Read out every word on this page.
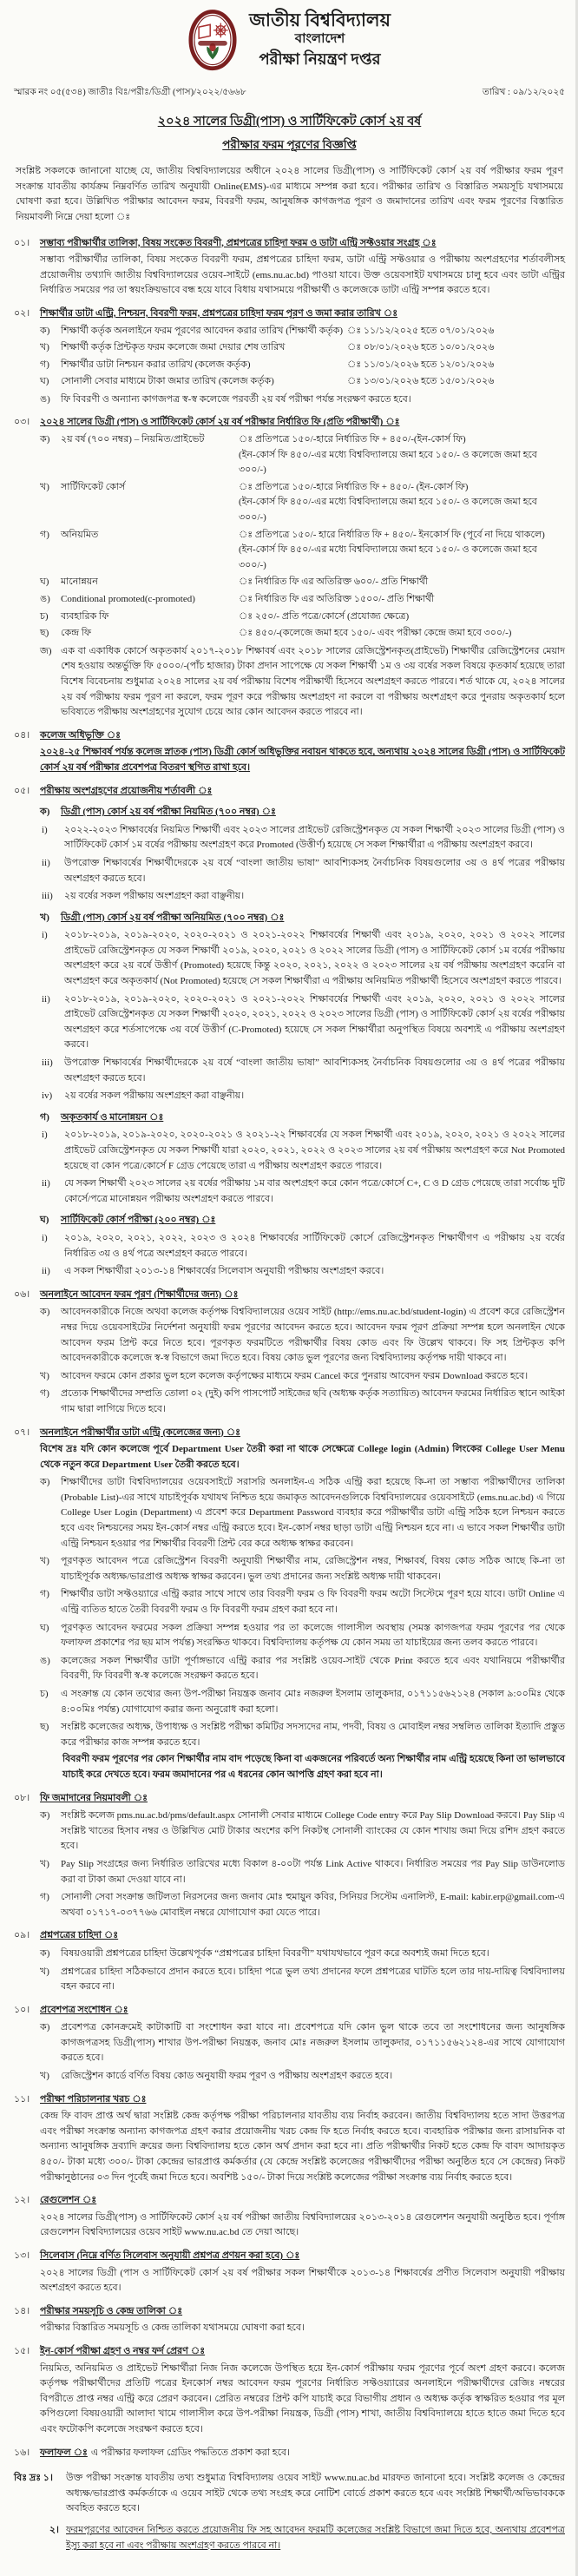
জাতীয় বিশ্ববিদ্যালয়
বাংলাদেশ
পরীক্ষা নিয়ন্ত্রণ দপ্তর
স্মারক নং ০৫(৫৩৪) জাতীঃ বিঃ/পরীঃ/ডিগ্রী (পাস)/২০২২/৫৬৬৮	তারিখ : ০৯/১২/২০২৫
২০২৪ সালের ডিগ্রী(পাস) ও সার্টিফিকেট কোর্স ২য় বর্ষ
পরীক্ষার ফরম পূরণের বিজ্ঞপ্তি
সংশ্লিষ্ট সকলকে জানানো যাচ্ছে যে, জাতীয় বিশ্ববিদ্যালয়ের অধীনে ২০২৪ সালের ডিগ্রী(পাস) ও সার্টিফিকেট কোর্স ২য় বর্ষ পরীক্ষার ফরম পূরণ সংক্রান্ত যাবতীয় কার্যক্রম নিম্নবর্ণিত তারিখ অনুযায়ী Online(EMS)-এর মাধ্যমে সম্পন্ন করা হবে। পরীক্ষার তারিখ ও বিস্তারিত সময়সূচি যথাসময়ে ঘোষণা করা হবে। উল্লিখিত পরীক্ষার আবেদন ফরম, বিবরণী ফরম, আনুষঙ্গিক কাগজপত্র পূরণ ও জমাদানের তারিখ এবং ফরম পূরণের বিস্তারিত নিয়মাবলী নিম্নে দেয়া হলো ঃ
০১।	সম্ভাব্য পরীক্ষার্থীর তালিকা, বিষয় সংকেত বিবরণী, প্রশ্নপত্রের চাহিদা ফরম ও ডাটা এন্ট্রি সফ্টওয়ার সংগ্রহ ঃ
সম্ভাব্য পরীক্ষার্থীর তালিকা, বিষয় সংকেত বিবরণী ফরম, প্রশ্নপত্রের চাহিদা ফরম, ডাটা এন্ট্রি সফ্টওয়ার ও পরীক্ষায় অংশগ্রহণের শর্তাবলীসহ প্রয়োজনীয় তথ্যাদি জাতীয় বিশ্ববিদ্যালয়ের ওয়েব-সাইটে (ems.nu.ac.bd) পাওয়া যাবে। উক্ত ওয়েবসাইট যথাসময়ে চালু হবে এবং ডাটা এন্ট্রির নির্ধারিত সময়ের পর তা স্বয়ংক্রিয়ভাবে বন্ধ হয়ে যাবে বিধায় যথাসময়ে পরীক্ষার্থী ও কলেজকে ডাটা এন্ট্রি সম্পন্ন করতে হবে।
০২।	শিক্ষার্থীর ডাটা এন্ট্রি, নিশ্চয়ন, বিবরণী ফরম, প্রশ্নপত্রের চাহিদা ফরম পূরণ ও জমা করার তারিখ ঃ
ক)	শিক্ষার্থী কর্তৃক অনলাইনে ফরম পূরণের আবেদন করার তারিখ (শিক্ষার্থী কর্তৃক) ঃ ১১/১২/২০২৫ হতে ০৭/০১/২০২৬
খ)	শিক্ষার্থী কর্তৃক প্রিন্টকৃত ফরম কলেজে জমা দেয়ার শেষ তারিখ	ঃ ০৮/০১/২০২৬ হতে ১০/০১/২০২৬
গ)	শিক্ষার্থীর ডাটা নিশ্চয়ন করার তারিখ (কলেজ কর্তৃক)	ঃ ১১/০১/২০২৬ হতে ১২/০১/২০২৬
ঘ)	সোনালী সেবার মাধ্যমে টাকা জমার তারিখ (কলেজ কর্তৃক)	ঃ ১৩/০১/২০২৬ হতে ১৫/০১/২০২৬
ঙ)	ফি বিবরণী ও অন্যান্য কাগজপত্র স্ব-স্ব কলেজে পরবর্তী ২য় বর্ষ পরীক্ষা পর্যন্ত সংরক্ষণ করতে হবে।
০৩।	২০২৪ সালের ডিগ্রী (পাস) ও সার্টিফিকেট কোর্স ২য় বর্ষ পরীক্ষার নির্ধারিত ফি (প্রতি পরীক্ষার্থী) ঃ
ক)	২য় বর্ষ (৭০০ নম্বর) – নিয়মিত/প্রাইভেট	ঃ প্রতিপত্রে ১৫০/-হারে নির্ধারিত ফি + ৪৫০/-(ইন-কোর্স ফি)
(ইন-কোর্স ফি ৪৫০/-এর মধ্যে বিশ্ববিদ্যালয়ে জমা হবে ১৫০/- ও কলেজে জমা হবে ৩০০/-)
খ)	সার্টিফিকেট কোর্স	ঃ প্রতিপত্রে ১৫০/-হারে নির্ধারিত ফি + ৪৫০/- (ইন-কোর্স ফি)
(ইন-কোর্স ফি ৪৫০/-এর মধ্যে বিশ্ববিদ্যালয়ে জমা হবে ১৫০/- ও কলেজে জমা হবে ৩০০/-)
গ)	অনিয়মিত	ঃ প্রতিপত্রে ১৫০/- হারে নির্ধারিত ফি + ৪৫০/- ইনকোর্স ফি (পূর্বে না দিয়ে থাকলে)
(ইন-কোর্স ফি ৪৫০/-এর মধ্যে বিশ্ববিদ্যালয়ে জমা হবে ১৫০/- ও কলেজে জমা হবে ৩০০/-)
ঘ)	মানোন্নয়ন	ঃ নির্ধারিত ফি এর অতিরিক্ত ৬০০/- প্রতি শিক্ষার্থী
ঙ)	Conditional promoted(c-promoted)	ঃ নির্ধারিত ফি এর অতিরিক্ত ১৫০০/- প্রতি শিক্ষার্থী
চ)	ব্যবহারিক ফি	ঃ ২৫০/- প্রতি পত্রে/কোর্সে (প্রযোজ্য ক্ষেত্রে)
ছ)	কেন্দ্র ফি	ঃ ৪৫০/-(কলেজে জমা হবে ১৫০/- এবং পরীক্ষা কেন্দ্রে জমা হবে ৩০০/-)
জ) এক বা একাধিক কোর্সে অকৃতকার্য ২০১৭-২০১৮ শিক্ষাবর্ষ এবং ২০১৮ সালের রেজিস্ট্রেশনকৃত(প্রাইভেট) শিক্ষার্থীর রেজিস্ট্রেশনের মেয়াদ শেষ হওয়ায় অন্তর্ভুক্তি ফি ৫০০০/-(পাঁচ হাজার) টাকা প্রদান সাপেক্ষে যে সকল শিক্ষার্থী ১ম ও ৩য় বর্ষের সকল বিষয়ে কৃতকার্য হয়েছে তারা বিশেষ বিবেচনায় শুধুমাত্র ২০২৪ সালের ২য় বর্ষ পরীক্ষায় বিশেষ পরীক্ষার্থী হিসেবে অংশগ্রহণ করতে পারবে। শর্ত থাকে যে, ২০২৪ সালের ২য় বর্ষ পরীক্ষায় ফরম পূরণ না করলে, ফরম পূরণ করে পরীক্ষায় অংশগ্রহণ না করলে বা পরীক্ষায় অংশগ্রহণ করে পুনরায় অকৃতকার্য হলে ভবিষ্যতে পরীক্ষায় অংশগ্রহণের সুযোগ চেয়ে আর কোন আবেদন করতে পারবে না।
০৪।	কলেজ অধিভুক্তি ঃ
২০২৪-২৫ শিক্ষাবর্ষ পর্যন্ত কলেজ স্নাতক (পাস) ডিগ্রী কোর্স অধিভুক্তির নবায়ন থাকতে হবে, অন্যথায় ২০২৪ সালের ডিগ্রী (পাস) ও সার্টিফিকেট কোর্স ২য় বর্ষ পরীক্ষার প্রবেশপত্র বিতরণ স্থগিত রাখা হবে।
০৫।	পরীক্ষায় অংশগ্রহণের প্রয়োজনীয় শর্তাবলী ঃ
ক)	ডিগ্রী (পাস) কোর্স ২য় বর্ষ পরীক্ষা নিয়মিত (৭০০ নম্বর) ঃ
i)	২০২২-২০২৩ শিক্ষাবর্ষের নিয়মিত শিক্ষার্থী এবং ২০২৩ সালের প্রাইভেট রেজিস্ট্রেশনকৃত যে সকল শিক্ষার্থী ২০২৩ সালের ডিগ্রী (পাস) ও সার্টিফিকেট কোর্স ১ম বর্ষের পরীক্ষায় অংশগ্রহণ করে Promoted (উত্তীর্ণ) হয়েছে সে সকল শিক্ষার্থীরা এ পরীক্ষায় অংশগ্রহণ করবে।
ii)	উপরোক্ত শিক্ষাবর্ষের শিক্ষার্থীদেরকে ২য় বর্ষে “বাংলা জাতীয় ভাষা” আবশ্যিকসহ নৈর্বাচনিক বিষয়গুলোর ৩য় ও ৪র্থ পত্রের পরীক্ষায় অংশগ্রহণ করতে হবে।
iii)	২য় বর্ষের সকল পরীক্ষায় অংশগ্রহণ করা বাঞ্ছনীয়।
খ)	ডিগ্রী (পাস) কোর্স ২য় বর্ষ পরীক্ষা অনিয়মিত (৭০০ নম্বর) ঃ
i)	২০১৮-২০১৯, ২০১৯-২০২০, ২০২০-২০২১ ও ২০২১-২০২২ শিক্ষাবর্ষের শিক্ষার্থী এবং ২০১৯, ২০২০, ২০২১ ও ২০২২ সালের প্রাইভেট রেজিস্ট্রেশনকৃত যে সকল শিক্ষার্থী ২০১৯, ২০২০, ২০২১ ও ২০২২ সালের ডিগ্রী (পাস) ও সার্টিফিকেট কোর্স ১ম বর্ষের পরীক্ষায় অংশগ্রহণ করে ২য় বর্ষে উত্তীর্ণ (Promoted) হয়েছে কিন্তু ২০২০, ২০২১, ২০২২ ও ২০২৩ সালের ২য় বর্ষ পরীক্ষায় অংশগ্রহণ করেনি বা অংশগ্রহণ করে অকৃতকার্য (Not Promoted) হয়েছে সে সকল শিক্ষার্থীরা এ পরীক্ষায় অনিয়মিত পরীক্ষার্থী হিসেবে অংশগ্রহণ করতে পারবে।
ii)	২০১৮-২০১৯, ২০১৯-২০২০, ২০২০-২০২১ ও ২০২১-২০২২ শিক্ষাবর্ষের শিক্ষার্থী এবং ২০১৯, ২০২০, ২০২১ ও ২০২২ সালের প্রাইভেট রেজিস্ট্রেশনকৃত যে সকল শিক্ষার্থী ২০২০, ২০২১, ২০২২ ও ২০২৩ সালের ডিগ্রী (পাস) ও সার্টিফিকেট কোর্স ২য় বর্ষের পরীক্ষায় অংশগ্রহণ করে শর্তসাপেক্ষে ৩য় বর্ষে উত্তীর্ণ (C-Promoted) হয়েছে সে সকল শিক্ষার্থীরা অনুপস্থিত বিষয়ে অবশ্যই এ পরীক্ষায় অংশগ্রহণ করবে।
iii)	উপরোক্ত শিক্ষাবর্ষের শিক্ষার্থীদেরকে ২য় বর্ষে “বাংলা জাতীয় ভাষা” আবশ্যিকসহ নৈর্বাচনিক বিষয়গুলোর ৩য় ও ৪র্থ পত্রের পরীক্ষায় অংশগ্রহণ করতে হবে।
iv)	২য় বর্ষের সকল পরীক্ষায় অংশগ্রহণ করা বাঞ্ছনীয়।
গ)	অকৃতকার্য ও মানোন্নয়ন ঃ
i)	২০১৮-২০১৯, ২০১৯-২০২০, ২০২০-২০২১ ও ২০২১-২২ শিক্ষাবর্ষের যে সকল শিক্ষার্থী এবং ২০১৯, ২০২০, ২০২১ ও ২০২২ সালের প্রাইভেট রেজিস্ট্রেশনকৃত যে সকল শিক্ষার্থী যারা ২০২০, ২০২১, ২০২২ ও ২০২৩ সালের ২য় বর্ষ পরীক্ষায় অংশগ্রহণ করে Not Promoted হয়েছে বা কোন পত্রে/কোর্সে F গ্রেড পেয়েছে তারা এ পরীক্ষায় অংশগ্রহণ করতে পারবে।
ii)	যে সকল শিক্ষার্থী ২০২৩ সালের ২য় বর্ষের পরীক্ষায় ১ম বার অংশগ্রহণ করে কোন পত্রে/কোর্সে C+, C ও D গ্রেড পেয়েছে তারা সর্বোচ্চ দুটি কোর্সে/পত্রে মানোন্নয়ন পরীক্ষায় অংশগ্রহণ করতে পারবে।
ঘ)	সার্টিফিকেট কোর্স পরীক্ষা (২০০ নম্বর) ঃ
i)	২০১৯, ২০২০, ২০২১, ২০২২, ২০২৩ ও ২০২৪ শিক্ষাবর্ষের সার্টিফিকেট কোর্সে রেজিস্ট্রেশনকৃত শিক্ষার্থীগণ এ পরীক্ষায় ২য় বর্ষের নির্ধারিত ৩য় ও ৪র্থ পত্রে অংশগ্রহণ করতে পারবে।
ii)	এ সকল শিক্ষার্থীরা ২০১৩-১৪ শিক্ষাবর্ষের সিলেবাস অনুযায়ী পরীক্ষায় অংশগ্রহণ করবে।
০৬।	অনলাইনে আবেদন ফরম পূরণ (শিক্ষার্থীদের জন্য) ঃ
ক)	আবেদনকারীকে নিজে অথবা কলেজ কর্তৃপক্ষ বিশ্ববিদ্যালয়ের ওয়েব সাইট (http://ems.nu.ac.bd/student-login) এ প্রবেশ করে রেজিস্ট্রেশন নম্বর দিয়ে ওয়েবসাইটের নির্দেশনা অনুযায়ী ফরম পূরণের আবেদন করতে হবে। আবেদন ফরম পূরণ প্রক্রিয়া সম্পন্ন হলে অনলাইন থেকে আবেদন ফরম প্রিন্ট করে নিতে হবে। পূরণকৃত ফরমটিতে পরীক্ষার্থীর বিষয় কোড এবং ফি উল্লেখ থাকবে। ফি সহ প্রিন্টকৃত কপি আবেদনকারীকে কলেজে স্ব-স্ব বিভাগে জমা দিতে হবে। বিষয় কোড ভুল পূরণের জন্য বিশ্ববিদ্যালয় কর্তৃপক্ষ দায়ী থাকবে না।
খ)	আবেদন ফরমে কোন প্রকার ভুল হলে কলেজ কর্তৃপক্ষের মাধ্যমে ফরম Cancel করে পুনরায় আবেদন ফরম Download করতে হবে।
গ)	প্রত্যেক শিক্ষার্থীদের সম্প্রতি তোলা ০২ (দুই) কপি পাসপোর্ট সাইজের ছবি (অধ্যক্ষ কর্তৃক সত্যায়িত) আবেদন ফরমের নির্ধারিত স্থানে আইকা গাম দ্বারা লাগিয়ে দিতে হবে।
০৭।	অনলাইনে পরীক্ষার্থীর ডাটা এন্ট্রি (কলেজের জন্য) ঃ
বিশেষ দ্রঃ যদি কোন কলেজে পূর্বে Department User তৈরী করা না থাকে সেক্ষেত্রে College login (Admin) লিংকের College User Menu থেকে নতুন করে Department User তৈরী করতে হবে।
ক)	শিক্ষার্থীদের ডাটা বিশ্ববিদ্যালয়ের ওয়েবসাইটে সরাসরি অনলাইন-এ সঠিক এন্ট্রি করা হয়েছে কি-না তা সম্ভাব্য পরীক্ষার্থীদের তালিকা (Probable List)-এর সাথে যাচাইপূর্বক যথাযথ নিশ্চিত হয়ে জমাকৃত আবেদনগুলিকে বিশ্ববিদ্যালয়ের ওয়েবসাইটে (ems.nu.ac.bd) এ গিয়ে College User Login (Department) এ প্রবেশ করে Department Password ব্যবহার করে পরীক্ষার্থীর ডাটা এন্ট্রি সঠিক হলে নিশ্চয়ন করতে হবে এবং নিশ্চয়নের সময় ইন-কোর্স নম্বর এন্ট্রি করতে হবে। ইন-কোর্স নম্বর ছাড়া ডাটা এন্ট্রি নিশ্চয়ন হবে না। এ ভাবে সকল শিক্ষার্থীর ডাটা এন্ট্রি নিশ্চয়ন হওয়ার পর শিক্ষার্থীর বিবরণী প্রিন্ট বের করে অধ্যক্ষ স্বাক্ষর করবেন।
খ)	পূরণকৃত আবেদন পত্রে রেজিস্ট্রেশন বিবরণী অনুযায়ী শিক্ষার্থীর নাম, রেজিস্ট্রেশন নম্বর, শিক্ষাবর্ষ, বিষয় কোড সঠিক আছে কি-না তা যাচাইপূর্বক অধ্যক্ষ/ভারপ্রাপ্ত অধ্যক্ষ স্বাক্ষর করবেন। ভুল তথ্য প্রদানের জন্য সংশ্লিষ্ট অধ্যক্ষ দায়ী থাকবেন।
গ)	শিক্ষার্থীর ডাটা সফ্টওয়্যারে এন্ট্রি করার সাথে সাথে তার বিবরণী ফরম ও ফি বিবরণী ফরম অটো সিস্টেমে পূরণ হয়ে যাবে। ডাটা Online এ এন্ট্রি ব্যতিত হাতে তৈরী বিবরণী ফরম ও ফি বিবরণী ফরম গ্রহণ করা হবে না।
ঘ)	পূরণকৃত আবেদন ফরমের সকল প্রক্রিয়া সম্পন্ন হওয়ার পর তা কলেজে গালাসীল অবস্থায় (সমস্ত কাগজপত্র ফরম পূরণের পর থেকে ফলাফল প্রকাশের পর ছয় মাস পর্যন্ত) সংরক্ষিত থাকবে। বিশ্ববিদ্যালয় কর্তৃপক্ষ যে কোন সময় তা যাচাইয়ের জন্য তলব করতে পারবে।
ঙ)	কলেজের সকল শিক্ষার্থীর ডাটা পূর্ণাঙ্গভাবে এন্ট্রি করার পর সংশ্লিষ্ট ওয়েব-সাইট থেকে Print করতে হবে এবং যথানিয়মে পরীক্ষার্থীর বিবরণী, ফি বিবরণী স্ব-স্ব কলেজে সংরক্ষণ করতে হবে।
চ)	এ সংক্রান্ত যে কোন তথ্যের জন্য উপ-পরীক্ষা নিয়ন্ত্রক জনাব মোঃ নজরুল ইসলাম তালুকদার, ০১৭১১৫৬২১২৪ (সকাল ৯:০০মিঃ থেকে ৪:০০মিঃ পর্যন্ত) যোগাযোগ করার জন্য অনুরোধ করা হলো।
ছ)	সংশ্লিষ্ট কলেজের অধ্যক্ষ, উপাধ্যক্ষ ও সংশ্লিষ্ট পরীক্ষা কমিটির সদস্যদের নাম, পদবী, বিষয় ও মোবাইল নম্বর সম্বলিত তালিকা ইত্যাদি প্রস্তুত করে পরীক্ষার কাজ সম্পন্ন করতে হবে।
বিবরণী ফরম পূরণের পর কোন শিক্ষার্থীর নাম বাদ পড়েছে কিনা বা একজনের পরিবর্তে অন্য শিক্ষার্থীর নাম এন্ট্রি হয়েছে কিনা তা ভালভাবে যাচাই করে দেখতে হবে। ফরম জমাদানের পর এ ধরনের কোন আপত্তি গ্রহণ করা হবে না।
০৮।	ফি জমাদানের নিয়মাবলী ঃ
ক)	সংশ্লিষ্ট কলেজ pms.nu.ac.bd/pms/default.aspx সোনালী সেবার মাধ্যমে College Code entry করে Pay Slip Download করবে। Pay Slip এ সংশ্লিষ্ট খাতের হিসাব নম্বর ও উল্লিখিত মোট টাকার অংশের কপি নিকটস্থ সোনালী ব্যাংকের যে কোন শাখায় জমা দিয়ে রশিদ গ্রহণ করতে হবে।
খ)	Pay Slip সংগ্রহের জন্য নির্ধারিত তারিখের মধ্যে বিকাল ৪-০০টা পর্যন্ত Link Active থাকবে। নির্ধারিত সময়ের পর Pay Slip ডাউনলোড করা বা টাকা জমা দেওয়া যাবে না।
গ)	সোনালী সেবা সংক্রান্ত জটিলতা নিরসনের জন্য জনাব মোঃ হুমায়ুন কবির, সিনিয়র সিস্টেম এনালিস্ট, E-mail: kabir.erp@gmail.com-এ অথবা ০১৭১৭-০৩৭৭৬৬ মোবাইল নম্বরে যোগাযোগ করা যেতে পারে।
০৯।	প্রশ্নপত্রের চাহিদা ঃ
ক)	বিষয়ওয়ারী প্রশ্নপত্রের চাহিদা উল্লেখপূর্বক “প্রশ্নপত্রের চাহিদা বিবরণী” যথাযথভাবে পূরণ করে অবশ্যই জমা দিতে হবে।
খ)	প্রশ্নপত্রের চাহিদা সঠিকভাবে প্রদান করতে হবে। চাহিদা পত্রে ভুল তথ্য প্রদানের ফলে প্রশ্নপত্রের ঘাটতি হলে তার দায়-দায়িত্ব বিশ্ববিদ্যালয় বহন করবে না।
১০।	প্রবেশপত্র সংশোধন ঃ
ক)	প্রবেশপত্র কোনক্রমেই কাটাকাটি বা সংশোধন করা যাবে না। প্রবেশপত্রে যদি কোন ভুল থাকে তবে তা সংশোধনের জন্য আনুষঙ্গিক কাগজপত্রসহ ডিগ্রী(পাস) শাখার উপ-পরীক্ষা নিয়ন্ত্রক, জনাব মোঃ নজরুল ইসলাম তালুকদার, ০১৭১১৫৬২১২৪-এর সাথে যোগাযোগ করতে হবে।
খ)	রেজিস্ট্রেশন কার্ডে বর্ণিত বিষয় কোড অনুযায়ী ফরম পূরণ ও পরীক্ষায় অংশগ্রহণ করতে হবে।
১১।	পরীক্ষা পরিচালনার খরচ ঃ
কেন্দ্র ফি বাবদ প্রাপ্ত অর্থ দ্বারা সংশ্লিষ্ট কেন্দ্র কর্তৃপক্ষ পরীক্ষা পরিচালনার যাবতীয় ব্যয় নির্বাহ করবেন। জাতীয় বিশ্ববিদ্যালয় হতে সাদা উত্তরপত্র এবং পরীক্ষা সংক্রান্ত অন্যান্য কাগজপত্র গ্রহণ করার প্রয়োজনীয় খরচ কেন্দ্র ফি হতে নির্বাহ করতে হবে। ব্যবহারিক পরীক্ষার জন্য রাসায়নিক বা অন্যান্য আনুষঙ্গিক দ্রব্যাদি ক্রয়ের জন্য বিশ্ববিদ্যালয় হতে কোন অর্থ প্রদান করা হবে না। প্রতি পরীক্ষার্থীর নিকট হতে কেন্দ্র ফি বাবদ আদায়কৃত ৪৫০/- টাকা মধ্যে ৩০০/- টাকা কেন্দ্রের ভারপ্রাপ্ত কর্মকর্তার (যে কেন্দ্রে সংশ্লিষ্ট কলেজের পরীক্ষার্থীদের পরীক্ষা অনুষ্ঠিত হবে সে কেন্দ্রের) নিকট পরীক্ষানুষ্ঠানের ০৩ দিন পূর্বেই জমা দিতে হবে। অবশিষ্ট ১৫০/- টাকা দিয়ে সংশ্লিষ্ট কলেজের পরীক্ষা সংক্রান্ত ব্যয় নির্বাহ করতে হবে।
১২।	রেগুলেশন ঃ
২০২৪ সালের ডিগ্রী(পাস) ও সার্টিফিকেট কোর্স ২য় বর্ষ পরীক্ষা জাতীয় বিশ্ববিদ্যালয়ের ২০১৩-২০১৪ রেগুলেশন অনুযায়ী অনুষ্ঠিত হবে। পূর্ণাঙ্গ রেগুলেশন বিশ্ববিদ্যালয়ের ওয়েব সাইট www.nu.ac.bd তে দেয়া আছে।
১৩।	সিলেবাস (নিম্নে বর্ণিত সিলেবাস অনুযায়ী প্রশ্নপত্র প্রণয়ন করা হবে) ঃ
২০২৪ সালের ডিগ্রী (পাস ও সার্টিফিকেট কোর্স ২য় বর্ষ পরীক্ষার সকল শিক্ষার্থীকে ২০১৩-১৪ শিক্ষাবর্ষের প্রণীত সিলেবাস অনুযায়ী পরীক্ষায় অংশগ্রহণ করতে হবে।
১৪।	পরীক্ষার সময়সূচি ও কেন্দ্র তালিকা ঃ
পরীক্ষার বিস্তারিত সময়সূচি ও কেন্দ্র তালিকা যথাসময়ে ঘোষণা করা হবে।
১৫।	ইন-কোর্স পরীক্ষা গ্রহণ ও নম্বর ফর্দ প্রেরণ ঃ
নিয়মিত, অনিয়মিত ও প্রাইভেট শিক্ষার্থীরা নিজ নিজ কলেজে উপস্থিত হয়ে ইন-কোর্স পরীক্ষায় ফরম পূরণের পূর্বে অংশ গ্রহণ করবে। কলেজ কর্তৃপক্ষ পরীক্ষার্থীদের প্রতিটি পত্রের ইনকোর্স নম্বর আবেদন ফরম পূরণের নির্ধারিত সফ্টওয়্যারের অনলাইনে পরীক্ষার্থীদের রেজিঃ নম্বরের বিপরীতে প্রাপ্ত নম্বর এন্ট্রি করে প্রেরণ করবেন। প্রেরিত নম্বরের প্রিন্ট কপি যাচাই করে বিভাগীয় প্রধান ও অধ্যক্ষ কর্তৃক স্বাক্ষরিত হওয়ার পর মূল কপিগুলো বিষয়ওয়ারী আলাদা খামে গালাসীল করে উপ-পরীক্ষা নিয়ন্ত্রক, ডিগ্রী (পাস) শাখা, জাতীয় বিশ্ববিদ্যালয়ে হাতে হাতে জমা দিতে হবে এবং ফটোকপি কলেজে সংরক্ষণ করতে হবে।
১৬।	ফলাফল ঃ এ পরীক্ষার ফলাফল গ্রেডিং পদ্ধতিতে প্রকাশ করা হবে।
বিঃ দ্রঃ ১।	উক্ত পরীক্ষা সংক্রান্ত যাবতীয় তথ্য শুধুমাত্র বিশ্ববিদ্যালয় ওয়েব সাইট www.nu.ac.bd মারফত জানানো হবে। সংশ্লিষ্ট কলেজ ও কেন্দ্রের অধ্যক্ষ/ভারপ্রাপ্ত কর্মকর্তাকে এ ওয়েব সাইট থেকে তথ্য সংগ্রহ করে নোটিশ বোর্ডে প্রকাশ করতে হবে এবং সংশ্লিষ্ট শিক্ষার্থী/অভিভাবককে অবহিত করতে হবে।
২। ফরমপূরণের আবেদন নিশ্চিত করতে প্রয়োজনীয় ফি সহ আবেদন ফরমটি কলেজের সংশ্লিষ্ট বিভাগে জমা দিতে হবে, অন্যথায় প্রবেশপত্র ইস্যু করা হবে না এবং পরীক্ষায় অংশগ্রহণ করতে পারবে না।
